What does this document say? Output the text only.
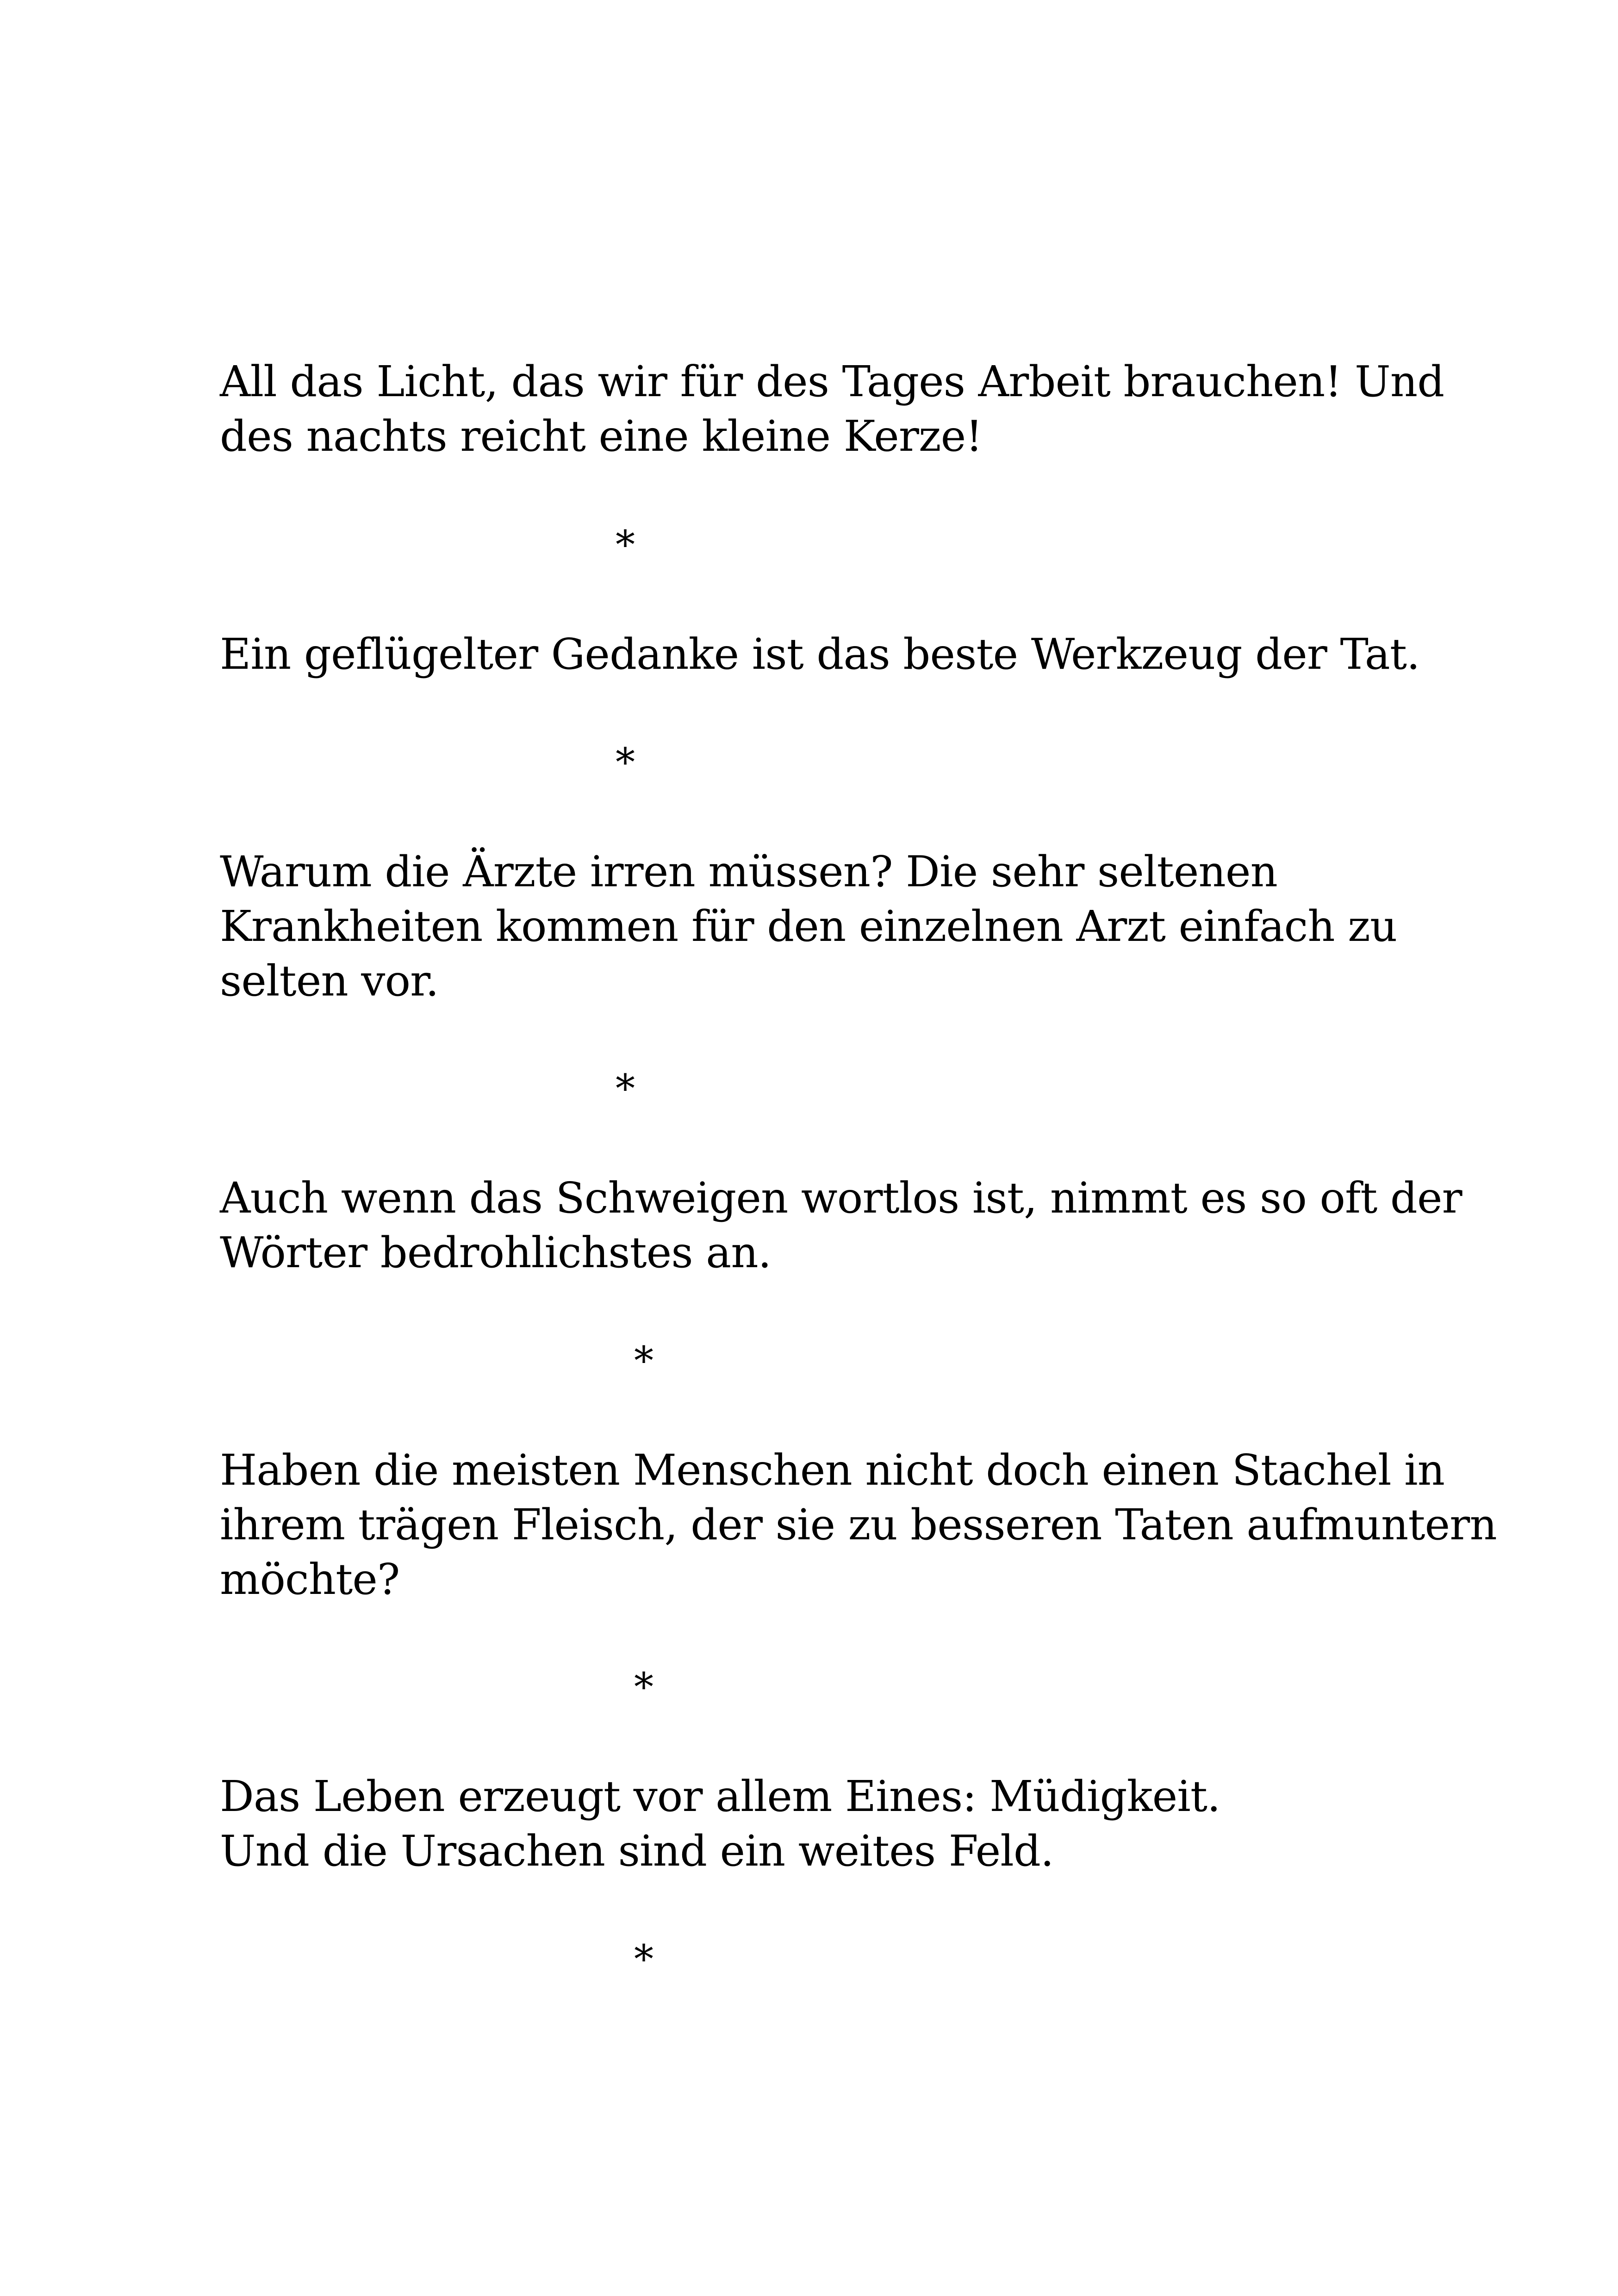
All das Licht, das wir für des Tages Arbeit brauchen! Und

des nachts reicht eine kleine Kerze!

*

Ein geflügelter Gedanke ist das beste Werkzeug der Tat.

*

Warum die Ärzte irren müssen? Die sehr seltenen

Krankheiten kommen für den einzelnen Arzt einfach zu

selten vor.

*

Auch wenn das Schweigen wortlos ist, nimmt es so oft der

Wörter bedrohlichstes an.

*

Haben die meisten Menschen nicht doch einen Stachel in

ihrem trägen Fleisch, der sie zu besseren Taten aufmuntern

möchte?

*

Das Leben erzeugt vor allem Eines: Müdigkeit.

Und die Ursachen sind ein weites Feld.

*
